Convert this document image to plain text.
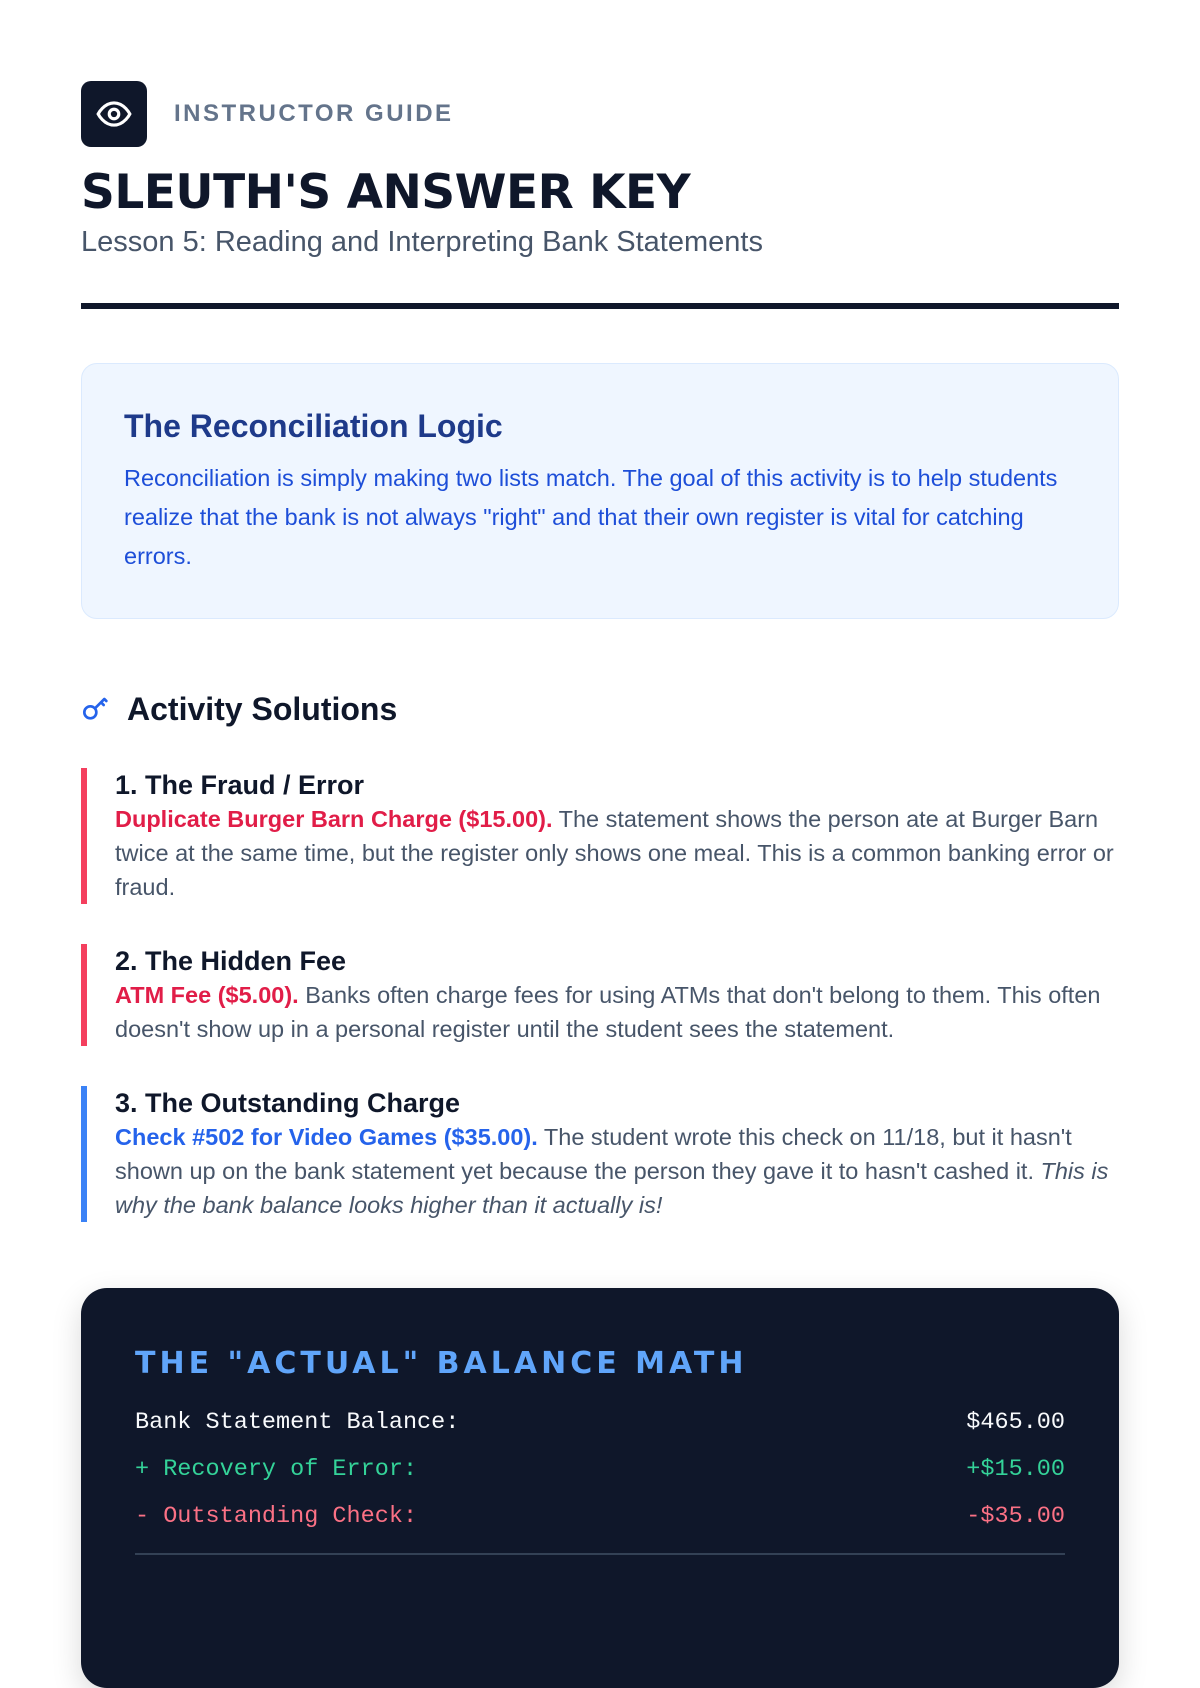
INSTRUCTOR GUIDE
SLEUTH'S ANSWER KEY
Lesson 5: Reading and Interpreting Bank Statements
The Reconciliation Logic

Reconciliation is simply making two lists match. The goal of this activity is to help students realize that the bank is not always "right" and that their own register is vital for catching errors.

Activity Solutions
1. The Fraud / Error

Duplicate Burger Barn Charge ($15.00). The statement shows the person ate at Burger Barn twice at the same time, but the register only shows one meal. This is a common banking error or fraud.

2. The Hidden Fee

ATM Fee ($5.00). Banks often charge fees for using ATMs that don't belong to them. This often doesn't show up in a personal register until the student sees the statement.

3. The Outstanding Charge

Check #502 for Video Games ($35.00). The student wrote this check on 11/18, but it hasn't shown up on the bank statement yet because the person they gave it to hasn't cashed it. This is why the bank balance looks higher than it actually is!

THE "ACTUAL" BALANCE MATH
Bank Statement Balance:	$465.00
+ Recovery of Error:	+$15.00
- Outstanding Check:	-$35.00
